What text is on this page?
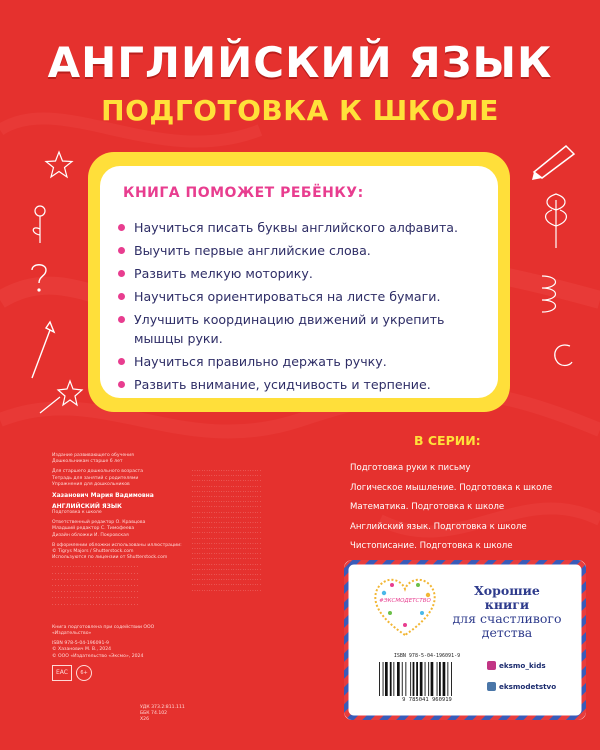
АНГЛИЙСКИЙ ЯЗЫК
ПОДГОТОВКА К ШКОЛЕ
КНИГА ПОМОЖЕТ РЕБЁНКУ:
Научиться писать буквы английского алфавита.
Выучить первые английские слова.
Развить мелкую моторику.
Научиться ориентироваться на листе бумаги.
Улучшить координацию движений и укрепить мышцы руки.
Научиться правильно держать ручку.
Развить внимание, усидчивость и терпение.
В СЕРИИ:
Подготовка руки к письму
Логическое мышление. Подготовка к школе
Математика. Подготовка к школе
Английский язык. Подготовка к школе
Чистописание. Подготовка к школе
Издание развивающего обучения
Дошкольникам старше 6 лет
Для старшего дошкольного возраста
Тетрадь для занятий с родителями
Упражнения для дошкольников
Хазанович Мария Вадимовна
АНГЛИЙСКИЙ ЯЗЫК
Подготовка к школе
Ответственный редактор О. Кравцова
Младший редактор С. Тимофеева
Дизайн обложки И. Покровская
В оформлении обложки использованы иллюстрации:
© Tigrys Majors / Shutterstock.com
Используются по лицензии от Shutterstock.com
· · · · · · · · · · · · · · · · · · · · · · · · · · · · · ·
· · · · · · · · · · · · · · · · · · · · · · · · · · · · · ·
· · · · · · · · · · · · · · · · · · · · · · · · · · · · · ·
· · · · · · · · · · · · · · · · · · · · · · · · · · · · · ·
· · · · · · · · · · · · · · · · · · · · · · · · · · · · · ·
· · · · · · · · · · · · · · · · · · · · · · · · · · · · · ·
· · · · · · · · · · · · · · · · · · · · · · · · · · · · · ·
Книга подготовлена при содействии ООО «Издательство»
ISBN 978-5-04-196091-9
© Хазанович М. В., 2024
© ООО «Издательство «Эксмо», 2024
УДК 373.2:811.111
ББК 74.102
Х26
· · · · · · · · · · · · · · · · · · · · · · · · · · · · ·
· · · · · · · · · · · · · · · · · · · · · · · · · · · · ·
· · · · · · · · · · · · · · · · · · · · · · · · · · · · ·
· · · · · · · · · · · · · · · · · · · · · · · · · · · · ·
· · · · · · · · · · · · · · · · · · · · · · · · · · · · ·
· · · · · · · · · · · · · · · · · · · · · · · · · · · · ·
· · · · · · · · · · · · · · · · · · · · · · · · · · · · ·
· · · · · · · · · · · · · · · · · · · · · · · · · · · · ·
· · · · · · · · · · · · · · · · · · · · · · · · · · · · ·
· · · · · · · · · · · · · · · · · · · · · · · · · · · · ·
· · · · · · · · · · · · · · · · · · · · · · · · · · · · ·
· · · · · · · · · · · · · · · · · · · · · · · · · · · · ·
· · · · · · · · · · · · · · · · · · · · · · · · · · · · ·
· · · · · · · · · · · · · · · · · · · · · · · · · · · · ·
· · · · · · · · · · · · · · · · · · · · · · · · · · · · ·
· · · · · · · · · · · · · · · · · · · · · · · · · · · · ·
· · · · · · · · · · · · · · · · · · · · · · · · · · · · ·
· · · · · · · · · · · · · · · · · · · · · · · · · · · · ·
· · · · · · · · · · · · · · · · · · · · · · · · · · · · ·
· · · · · · · · · · · · · · · · · · · · · · · · · · · · ·
· · · · · · · · · · · · · · · · · · · · · · · · · · · · ·
· · · · · · · · · · · · · · · · · · · · · · · · · · · · ·
· · · · · · · · · · · · · · · · · · · · · · · · · · · · ·
· · · · · · · · · · · · · · · · · · · · · · · · · · · · ·
EAC	6+
#ЭКСМОДЕТСТВО
Хорошие
книги
для счастливого
детства
ISBN 978-5-04-196091-9
9 785041 960919
eksmo_kids
eksmodetstvo
